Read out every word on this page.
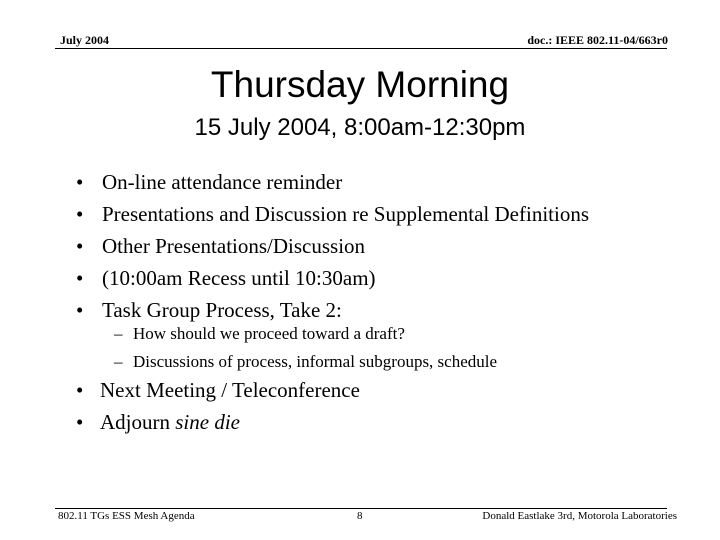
July 2004	doc.: IEEE 802.11-04/663r0
Thursday Morning
15 July 2004, 8:00am-12:30pm
• On-line attendance reminder
• Presentations and Discussion re Supplemental Definitions
• Other Presentations/Discussion
• (10:00am Recess until 10:30am)
• Task Group Process, Take 2:
– How should we proceed toward a draft?
– Discussions of process, informal subgroups, schedule
• Next Meeting / Teleconference
• Adjourn sine die
802.11 TGs ESS Mesh Agenda	8	Donald Eastlake 3rd, Motorola Laboratories
